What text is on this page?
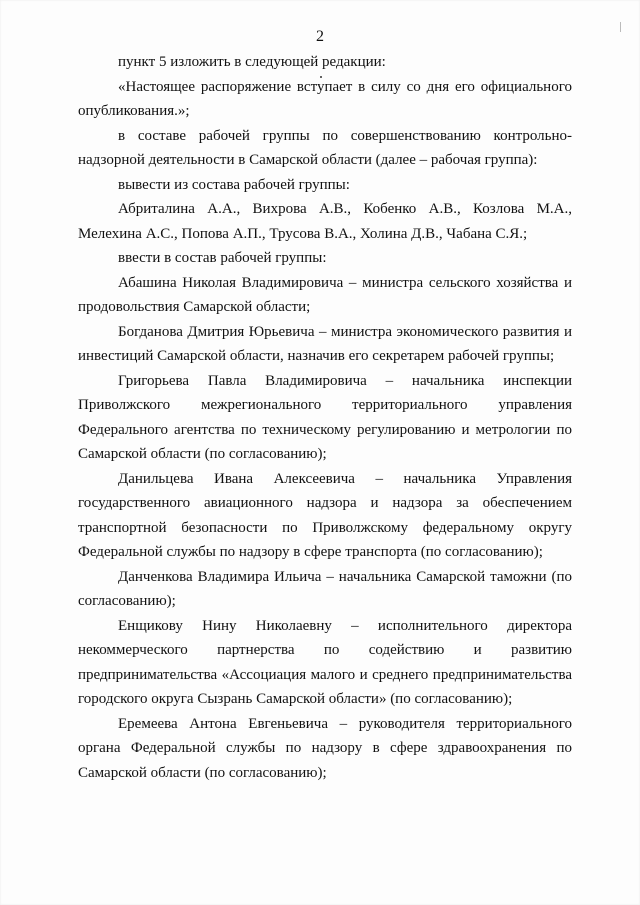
2

пункт 5 изложить в следующей редакции:

«Настоящее распоряжение вступает в силу со дня его официального опубликования.»;

в составе рабочей группы по совершенствованию контрольно-надзорной деятельности в Самарской области (далее – рабочая группа):

вывести из состава рабочей группы:

Абриталина А.А., Вихрова А.В., Кобенко А.В., Козлова М.А., Мелехина А.С., Попова А.П., Трусова В.А., Холина Д.В., Чабана С.Я.;

ввести в состав рабочей группы:

Абашина Николая Владимировича – министра сельского хозяйства и продовольствия Самарской области;

Богданова Дмитрия Юрьевича – министра экономического развития и инвестиций Самарской области, назначив его секретарем рабочей группы;

Григорьева Павла Владимировича – начальника инспекции Приволжского межрегионального территориального управления Федерального агентства по техническому регулированию и метрологии по Самарской области (по согласованию);

Данильцева Ивана Алексеевича – начальника Управления государственного авиационного надзора и надзора за обеспечением транспортной безопасности по Приволжскому федеральному округу Федеральной службы по надзору в сфере транспорта (по согласованию);

Данченкова Владимира Ильича – начальника Самарской таможни (по согласованию);

Енщикову Нину Николаевну – исполнительного директора некоммерческого партнерства по содействию и развитию предпринимательства «Ассоциация малого и среднего предпринимательства городского округа Сызрань Самарской области» (по согласованию);

Еремеева Антона Евгеньевича – руководителя территориального органа Федеральной службы по надзору в сфере здравоохранения по Самарской области (по согласованию);
